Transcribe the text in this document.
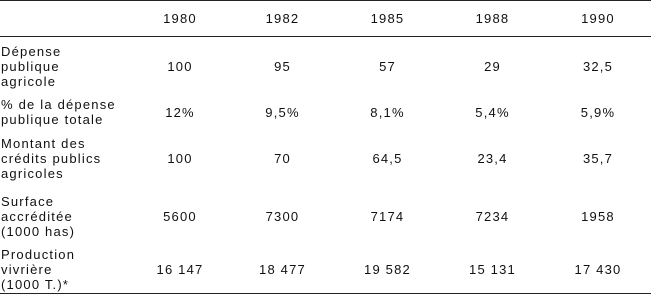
	1980	1982	1985	1988	1990
Dépense
publique
agricole	100	95	57	29	32,5
% de la dépense
publique totale	12%	9,5%	8,1%	5,4%	5,9%
Montant des
crédits publics
agricoles	100	70	64,5	23,4	35,7
Surface
accréditée
(1000 has)	5600	7300	7174	7234	1958
Production
vivrière
(1000 T.)*	16 147	18 477	19 582	15 131	17 430
